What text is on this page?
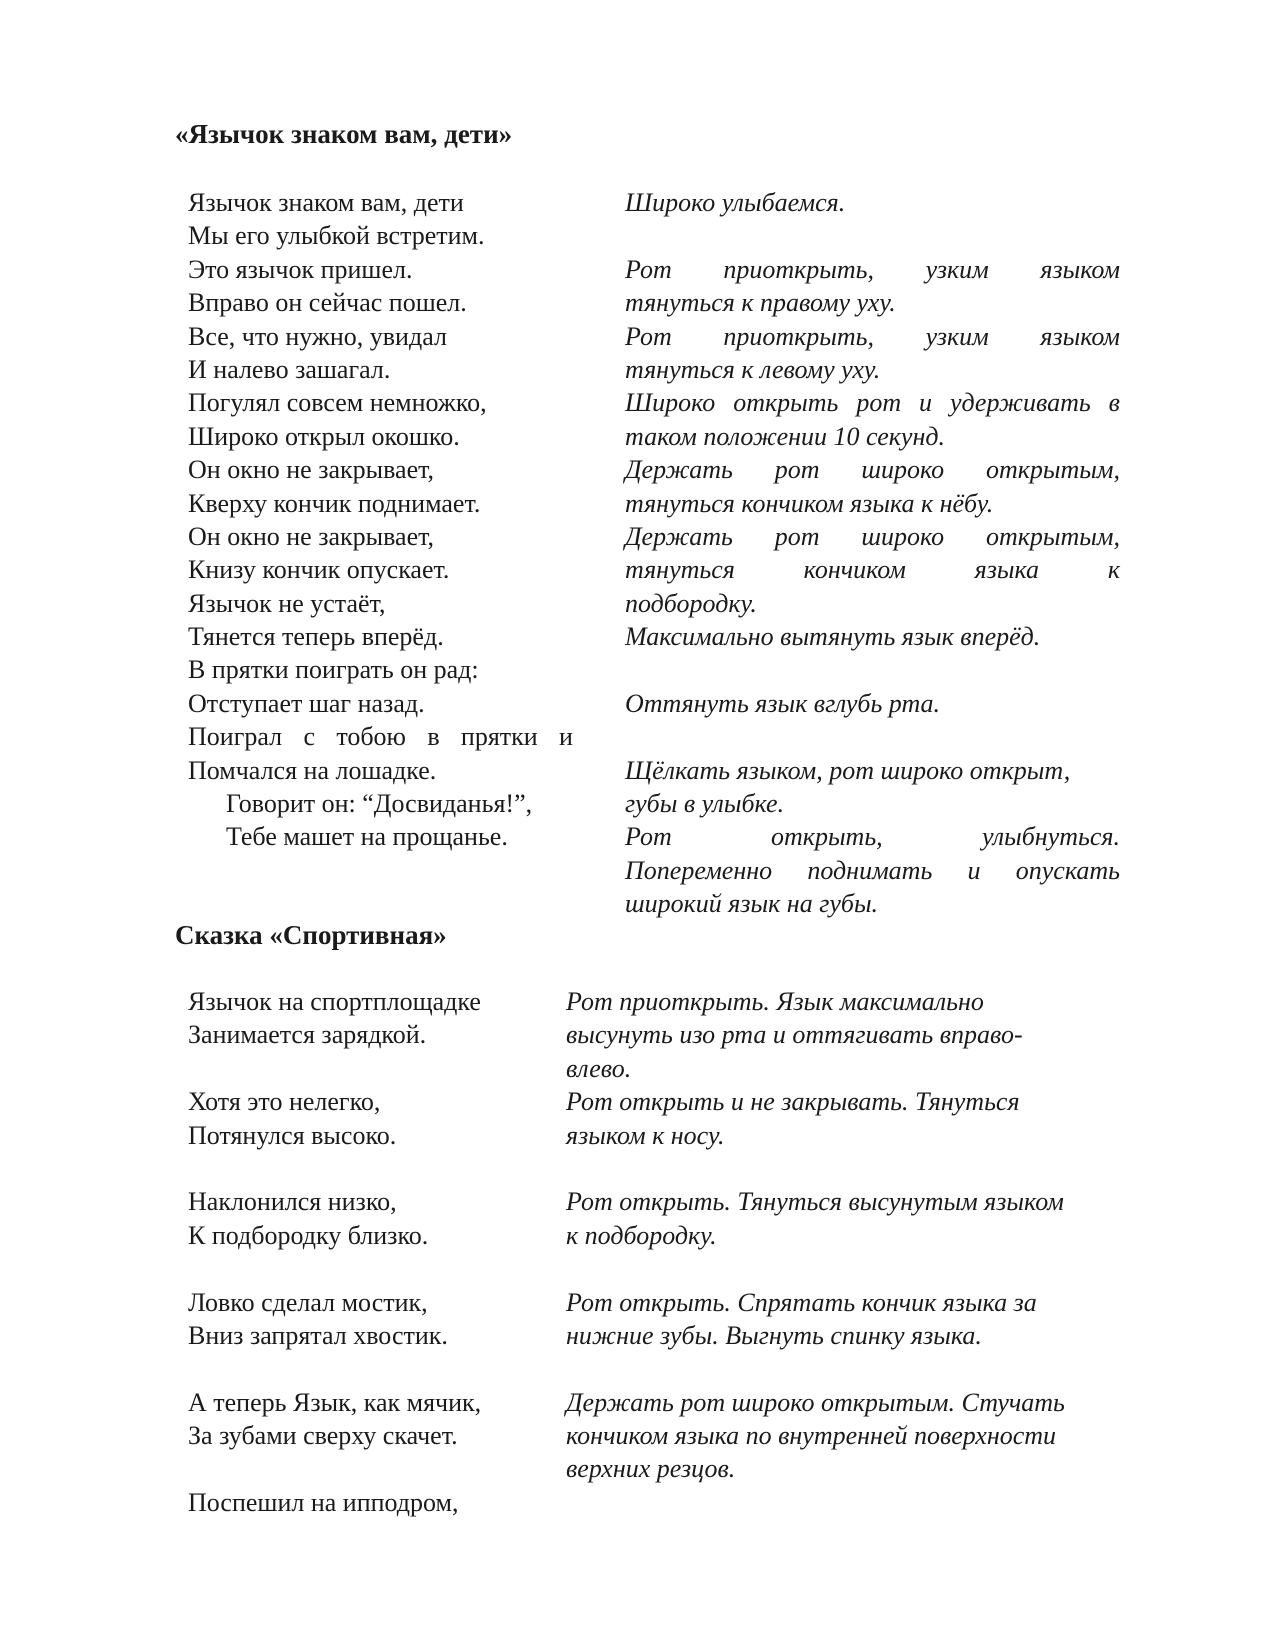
«Язычок знаком вам, дети»
Язычок знаком вам, дети
Мы его улыбкой встретим.
Это язычок пришел.
Вправо он сейчас пошел.
Все, что нужно, увидал
И налево зашагал.
Погулял совсем немножко,
Широко открыл окошко.
Он окно не закрывает,
Кверху кончик поднимает.
Он окно не закрывает,
Книзу кончик опускает.
Язычок не устаёт,
Тянется теперь вперёд.
В прятки поиграть он рад:
Отступает шаг назад.
Поиграл с тобою в прятки и
Помчался на лошадке.
Говорит он: “Досвиданья!”,
Тебе машет на прощанье.
Широко улыбаемся.
Рот приоткрыть, узким языком
тянуться к правому уху.
Рот приоткрыть, узким языком
тянуться к левому уху.
Широко открыть рот и удерживать в
таком положении 10 секунд.
Держать рот широко открытым,
тянуться кончиком языка к нёбу.
Держать рот широко открытым,
тянуться	кончиком	языка	к
подбородку.
Максимально вытянуть язык вперёд.
Оттянуть язык вглубь рта.
Щёлкать языком, рот широко открыт,
губы в улыбке.
Рот	открыть,	улыбнуться.
Попеременно поднимать и опускать
широкий язык на губы.
Сказка «Спортивная»
Язычок на спортплощадке
Занимается зарядкой.
Хотя это нелегко,
Потянулся высоко.
Наклонился низко,
К подбородку близко.
Ловко сделал мостик,
Вниз запрятал хвостик.
А теперь Язык, как мячик,
За зубами сверху скачет.
Поспешил на ипподром,
Рот приоткрыть. Язык максимально
высунуть изо рта и оттягивать вправо-
влево.
Рот открыть и не закрывать. Тянуться
языком к носу.
Рот открыть. Тянуться высунутым языком
к подбородку.
Рот открыть. Спрятать кончик языка за
нижние зубы. Выгнуть спинку языка.
Держать рот широко открытым. Стучать
кончиком языка по внутренней поверхности
верхних резцов.
